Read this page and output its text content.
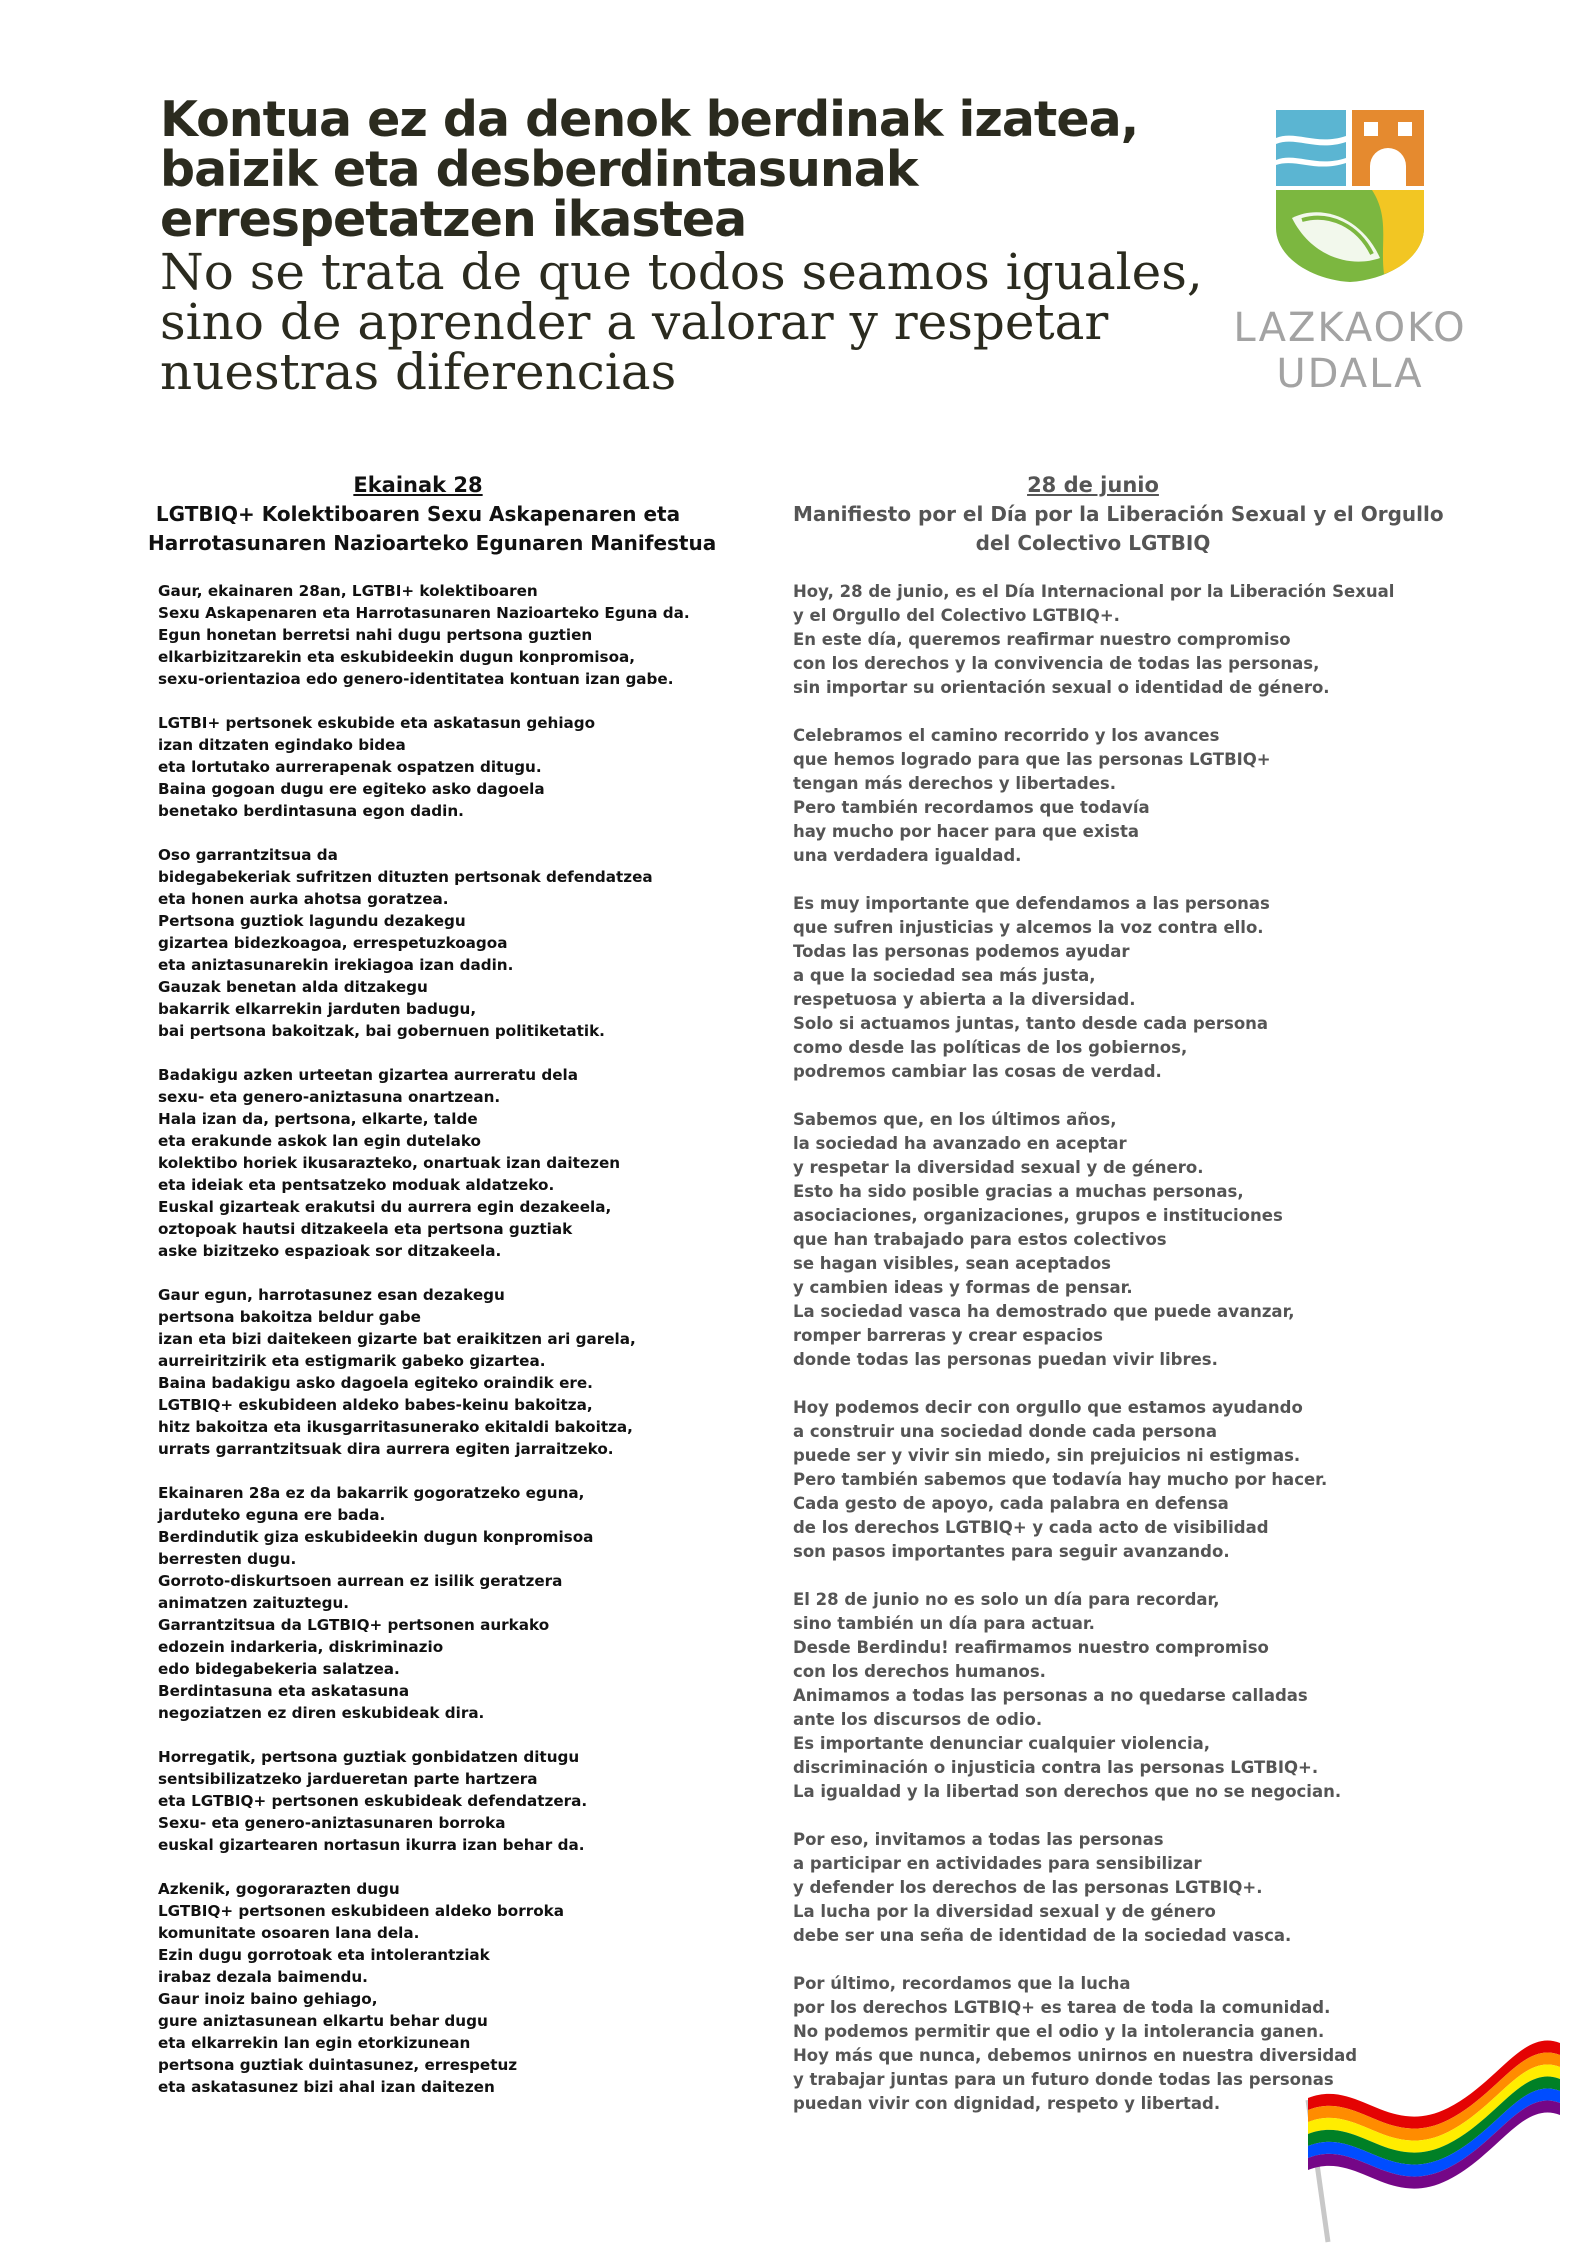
Kontua ez da denok berdinak izatea,
baizik eta desberdintasunak
errespetatzen ikastea
No se trata de que todos seamos iguales,
sino de aprender a valorar y respetar
nuestras diferencias
LAZKAOKO
UDALA
Ekainak 28
LGTBIQ+ Kolektiboaren Sexu Askapenaren eta
Harrotasunaren Nazioarteko Egunaren Manifestua
Gaur, ekainaren 28an, LGTBI+ kolektiboaren
Sexu Askapenaren eta Harrotasunaren Nazioarteko Eguna da.
Egun honetan berretsi nahi dugu pertsona guztien
elkarbizitzarekin eta eskubideekin dugun konpromisoa,
sexu-orientazioa edo genero-identitatea kontuan izan gabe.
LGTBI+ pertsonek eskubide eta askatasun gehiago
izan ditzaten egindako bidea
eta lortutako aurrerapenak ospatzen ditugu.
Baina gogoan dugu ere egiteko asko dagoela
benetako berdintasuna egon dadin.
Oso garrantzitsua da
bidegabekeriak sufritzen dituzten pertsonak defendatzea
eta honen aurka ahotsa goratzea.
Pertsona guztiok lagundu dezakegu
gizartea bidezkoagoa, errespetuzkoagoa
eta aniztasunarekin irekiagoa izan dadin.
Gauzak benetan alda ditzakegu
bakarrik elkarrekin jarduten badugu,
bai pertsona bakoitzak, bai gobernuen politiketatik.
Badakigu azken urteetan gizartea aurreratu dela
sexu- eta genero-aniztasuna onartzean.
Hala izan da, pertsona, elkarte, talde
eta erakunde askok lan egin dutelako
kolektibo horiek ikusarazteko, onartuak izan daitezen
eta ideiak eta pentsatzeko moduak aldatzeko.
Euskal gizarteak erakutsi du aurrera egin dezakeela,
oztopoak hautsi ditzakeela eta pertsona guztiak
aske bizitzeko espazioak sor ditzakeela.
Gaur egun, harrotasunez esan dezakegu
pertsona bakoitza beldur gabe
izan eta bizi daitekeen gizarte bat eraikitzen ari garela,
aurreiritzirik eta estigmarik gabeko gizartea.
Baina badakigu asko dagoela egiteko oraindik ere.
LGTBIQ+ eskubideen aldeko babes-keinu bakoitza,
hitz bakoitza eta ikusgarritasunerako ekitaldi bakoitza,
urrats garrantzitsuak dira aurrera egiten jarraitzeko.
Ekainaren 28a ez da bakarrik gogoratzeko eguna,
jarduteko eguna ere bada.
Berdindutik giza eskubideekin dugun konpromisoa
berresten dugu.
Gorroto-diskurtsoen aurrean ez isilik geratzera
animatzen zaituztegu.
Garrantzitsua da LGTBIQ+ pertsonen aurkako
edozein indarkeria, diskriminazio
edo bidegabekeria salatzea.
Berdintasuna eta askatasuna
negoziatzen ez diren eskubideak dira.
Horregatik, pertsona guztiak gonbidatzen ditugu
sentsibilizatzeko jardueretan parte hartzera
eta LGTBIQ+ pertsonen eskubideak defendatzera.
Sexu- eta genero-aniztasunaren borroka
euskal gizartearen nortasun ikurra izan behar da.
Azkenik, gogorarazten dugu
LGTBIQ+ pertsonen eskubideen aldeko borroka
komunitate osoaren lana dela.
Ezin dugu gorrotoak eta intolerantziak
irabaz dezala baimendu.
Gaur inoiz baino gehiago,
gure aniztasunean elkartu behar dugu
eta elkarrekin lan egin etorkizunean
pertsona guztiak duintasunez, errespetuz
eta askatasunez bizi ahal izan daitezen
28 de junio
Manifiesto por el Día por la Liberación Sexual y el Orgullo
del Colectivo LGTBIQ
Hoy, 28 de junio, es el Día Internacional por la Liberación Sexual
y el Orgullo del Colectivo LGTBIQ+.
En este día, queremos reafirmar nuestro compromiso
con los derechos y la convivencia de todas las personas,
sin importar su orientación sexual o identidad de género.
Celebramos el camino recorrido y los avances
que hemos logrado para que las personas LGTBIQ+
tengan más derechos y libertades.
Pero también recordamos que todavía
hay mucho por hacer para que exista
una verdadera igualdad.
Es muy importante que defendamos a las personas
que sufren injusticias y alcemos la voz contra ello.
Todas las personas podemos ayudar
a que la sociedad sea más justa,
respetuosa y abierta a la diversidad.
Solo si actuamos juntas, tanto desde cada persona
como desde las políticas de los gobiernos,
podremos cambiar las cosas de verdad.
Sabemos que, en los últimos años,
la sociedad ha avanzado en aceptar
y respetar la diversidad sexual y de género.
Esto ha sido posible gracias a muchas personas,
asociaciones, organizaciones, grupos e instituciones
que han trabajado para estos colectivos
se hagan visibles, sean aceptados
y cambien ideas y formas de pensar.
La sociedad vasca ha demostrado que puede avanzar,
romper barreras y crear espacios
donde todas las personas puedan vivir libres.
Hoy podemos decir con orgullo que estamos ayudando
a construir una sociedad donde cada persona
puede ser y vivir sin miedo, sin prejuicios ni estigmas.
Pero también sabemos que todavía hay mucho por hacer.
Cada gesto de apoyo, cada palabra en defensa
de los derechos LGTBIQ+ y cada acto de visibilidad
son pasos importantes para seguir avanzando.
El 28 de junio no es solo un día para recordar,
sino también un día para actuar.
Desde Berdindu! reafirmamos nuestro compromiso
con los derechos humanos.
Animamos a todas las personas a no quedarse calladas
ante los discursos de odio.
Es importante denunciar cualquier violencia,
discriminación o injusticia contra las personas LGTBIQ+.
La igualdad y la libertad son derechos que no se negocian.
Por eso, invitamos a todas las personas
a participar en actividades para sensibilizar
y defender los derechos de las personas LGTBIQ+.
La lucha por la diversidad sexual y de género
debe ser una seña de identidad de la sociedad vasca.
Por último, recordamos que la lucha
por los derechos LGTBIQ+ es tarea de toda la comunidad.
No podemos permitir que el odio y la intolerancia ganen.
Hoy más que nunca, debemos unirnos en nuestra diversidad
y trabajar juntas para un futuro donde todas las personas
puedan vivir con dignidad, respeto y libertad.
